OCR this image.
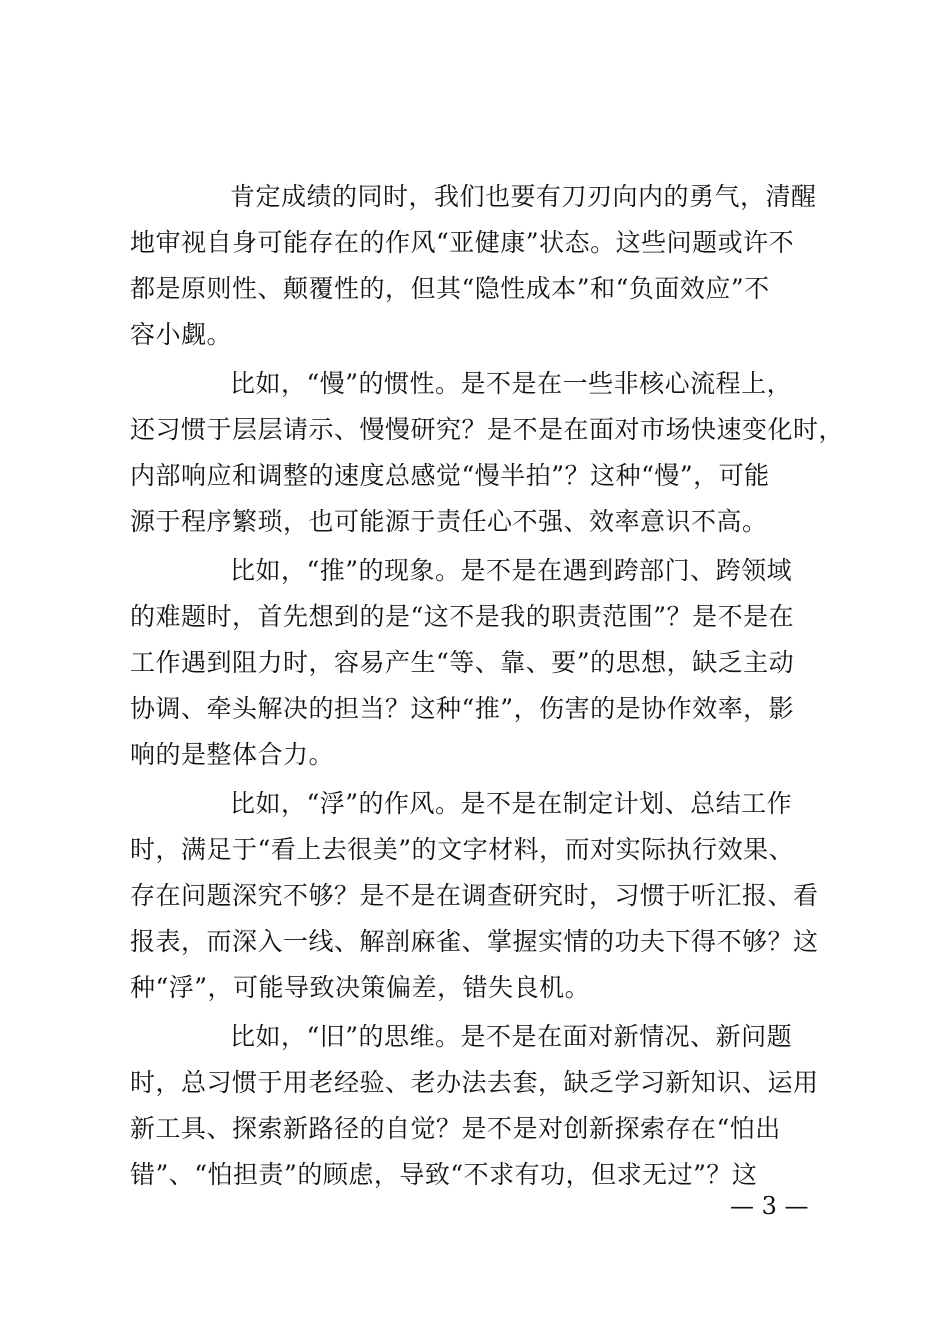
肯定成绩的同时，我们也要有刀刃向内的勇气，清醒
地审视自身可能存在的作风“亚健康”状态。这些问题或许不
都是原则性、颠覆性的，但其“隐性成本”和“负面效应”不
容小觑。
比如，“慢”的惯性。是不是在一些非核心流程上，
还习惯于层层请示、慢慢研究？是不是在面对市场快速变化时，
内部响应和调整的速度总感觉“慢半拍”？这种“慢”，可能
源于程序繁琐，也可能源于责任心不强、效率意识不高。
比如，“推”的现象。是不是在遇到跨部门、跨领域
的难题时，首先想到的是“这不是我的职责范围”？是不是在
工作遇到阻力时，容易产生“等、靠、要”的思想，缺乏主动
协调、牵头解决的担当？这种“推”，伤害的是协作效率，影
响的是整体合力。
比如，“浮”的作风。是不是在制定计划、总结工作
时，满足于“看上去很美”的文字材料，而对实际执行效果、
存在问题深究不够？是不是在调查研究时，习惯于听汇报、看
报表，而深入一线、解剖麻雀、掌握实情的功夫下得不够？这
种“浮”，可能导致决策偏差，错失良机。
比如，“旧”的思维。是不是在面对新情况、新问题
时，总习惯于用老经验、老办法去套，缺乏学习新知识、运用
新工具、探索新路径的自觉？是不是对创新探索存在“怕出
错”、“怕担责”的顾虑，导致“不求有功，但求无过”？这
— 3 —
